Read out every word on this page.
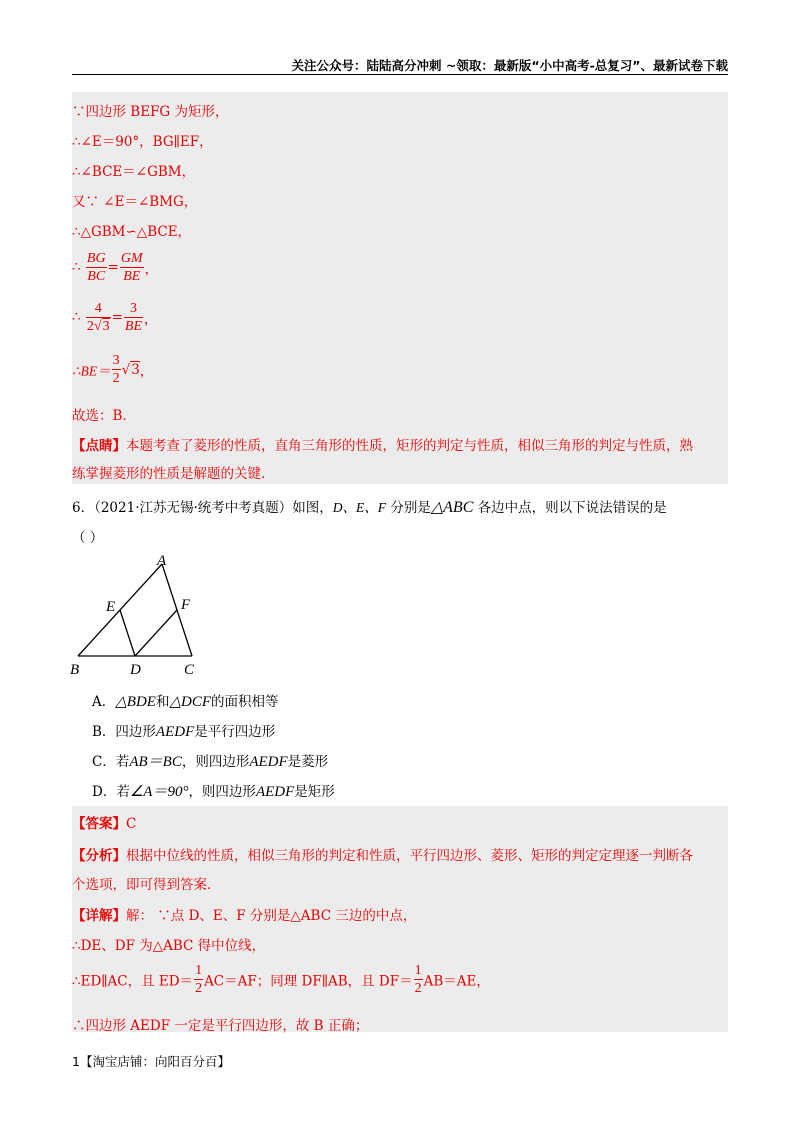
关注公众号：陆陆高分冲刺 ~领取：最新版“小中高考-总复习”、最新试卷下载
∵四边形 BEFG 为矩形，
∴∠E＝90°，BG∥EF，
∴∠BCE＝∠GBM，
又∵ ∠E＝∠BMG，
∴△GBM∽△BCE，
∴ $\frac{BG}{BC} = \frac{GM}{BE}$ ，
∴ $\frac{4}{2√3} = \frac{3}{BE}$ ，
∴BE＝ $\frac{3}{2} √3$，
故选：B．
【点睛】本题考查了菱形的性质，直角三角形的性质，矩形的判定与性质，相似三角形的判定与性质，熟
练掌握菱形的性质是解题的关键．
6．（2021·江苏无锡·统考中考真题）如图，D、E、F 分别是△ABC 各边中点，则以下说法错误的是
（ ）
A
B	C
D
E	F
A．△BDE和△DCF的面积相等
B．四边形AEDF是平行四边形
C．若AB＝BC，则四边形AEDF是菱形
D．若∠A＝90°，则四边形AEDF是矩形
【答案】C
【分析】根据中位线的性质，相似三角形的判定和性质，平行四边形、菱形、矩形的判定定理逐一判断各
个选项，即可得到答案．
【详解】解： ∵点 D、E、F 分别是△ABC 三边的中点，
∴DE、DF 为△ABC 得中位线，
∴ED∥AC，且 $ED= \frac{1}{2} AC=AF$；同理 DF∥AB，且 $DF= \frac{1}{2} AB=AE$，
∴四边形 AEDF 一定是平行四边形，故 B 正确；
1【淘宝店铺：向阳百分百】
